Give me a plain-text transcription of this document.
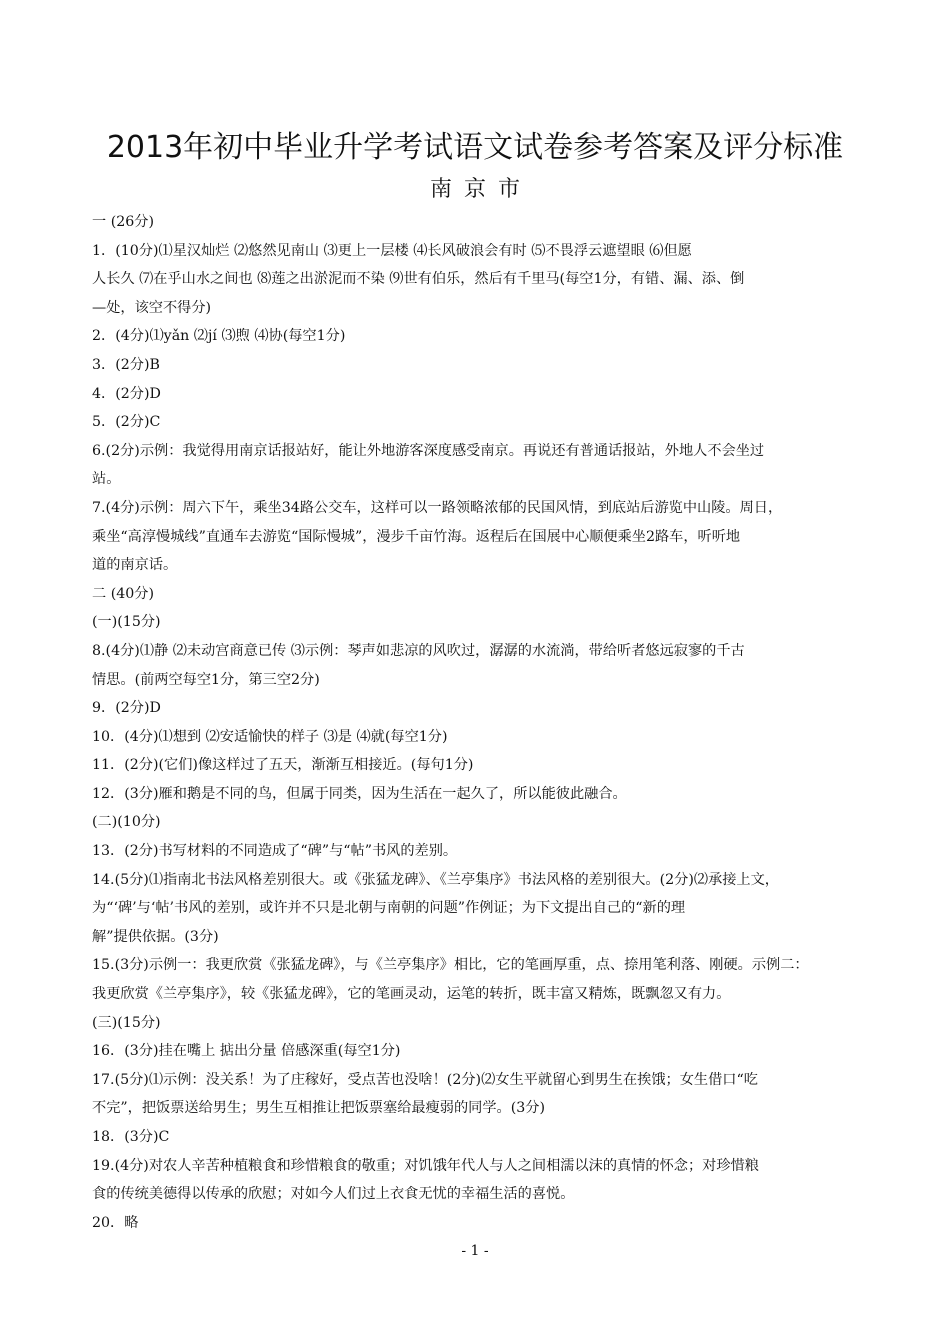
2013年初中毕业升学考试语文试卷参考答案及评分标准
南京市
一 (26分)
1．(10分)⑴星汉灿烂 ⑵悠然见南山 ⑶更上一层楼 ⑷长风破浪会有时 ⑸不畏浮云遮望眼 ⑹但愿
人长久 ⑺在乎山水之间也 ⑻莲之出淤泥而不染 ⑼世有伯乐，然后有千里马(每空1分，有错、漏、添、倒
—处，该空不得分)
2．(4分)⑴yǎn ⑵jí ⑶煦 ⑷协(每空1分)
3．(2分)B
4．(2分)D
5．(2分)C
6.(2分)示例：我觉得用南京话报站好，能让外地游客深度感受南京。再说还有普通话报站，外地人不会坐过
站。
7.(4分)示例：周六下午，乘坐34路公交车，这样可以一路领略浓郁的民国风情，到底站后游览中山陵。周日，
乘坐“高淳慢城线”直通车去游览“国际慢城”，漫步千亩竹海。返程后在国展中心顺便乘坐2路车，听听地
道的南京话。
二 (40分)
(一)(15分)
8.(4分)⑴静 ⑵未动宫商意已传 ⑶示例：琴声如悲凉的风吹过，潺潺的水流淌，带给听者悠远寂寥的千古
情思。(前两空每空1分，第三空2分)
9．(2分)D
10．(4分)⑴想到 ⑵安适愉快的样子 ⑶是 ⑷就(每空1分)
11．(2分)(它们)像这样过了五天，渐渐互相接近。(每句1分)
12．(3分)雁和鹅是不同的鸟，但属于同类，因为生活在一起久了，所以能彼此融合。
(二)(10分)
13．(2分)书写材料的不同造成了“碑”与“帖”书风的差别。
14.(5分)⑴指南北书法风格差别很大。或《张猛龙碑》、《兰亭集序》书法风格的差别很大。(2分)⑵承接上文，
为“‘碑’与‘帖’书风的差别，或许并不只是北朝与南朝的问题”作例证；为下文提出自己的“新的理
解”提供依据。(3分)
15.(3分)示例一：我更欣赏《张猛龙碑》，与《兰亭集序》相比，它的笔画厚重，点、捺用笔利落、刚硬。示例二：
我更欣赏《兰亭集序》，较《张猛龙碑》，它的笔画灵动，运笔的转折，既丰富又精炼，既飘忽又有力。
(三)(15分)
16．(3分)挂在嘴上 掂出分量 倍感深重(每空1分)
17.(5分)⑴示例：没关系！为了庄稼好，受点苦也没啥！(2分)⑵女生平就留心到男生在挨饿；女生借口“吃
不完”，把饭票送给男生；男生互相推让把饭票塞给最瘦弱的同学。(3分)
18．(3分)C
19.(4分)对农人辛苦种植粮食和珍惜粮食的敬重；对饥饿年代人与人之间相濡以沫的真情的怀念；对珍惜粮
食的传统美德得以传承的欣慰；对如今人们过上衣食无忧的幸福生活的喜悦。
20．略
- 1 -
